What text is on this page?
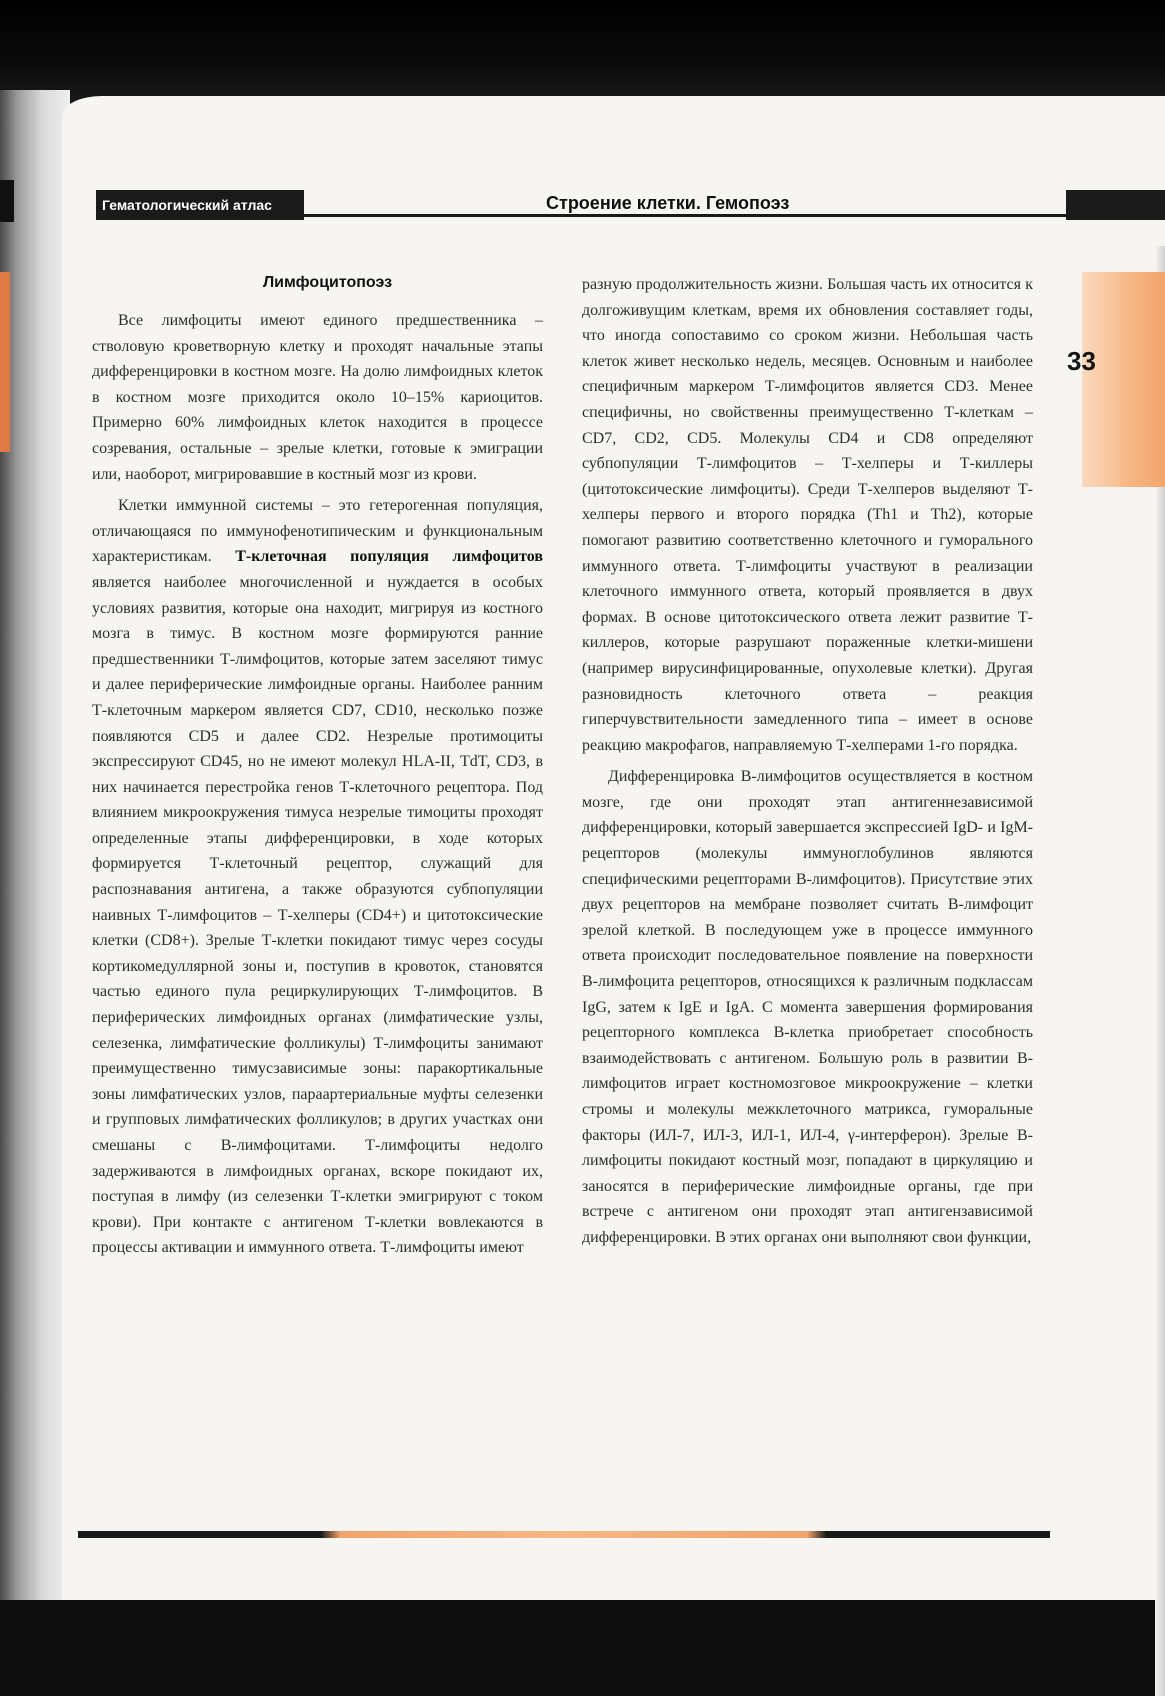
33
Гематологический атлас	Строение клетки. Гемопоэз
Лимфоцитопоэз

Все лимфоциты имеют единого предшественника – стволовую кроветворную клетку и проходят начальные этапы дифференцировки в костном мозге. На долю лимфоидных клеток в костном мозге приходится около 10–15% кариоцитов. Примерно 60% лимфоидных клеток находится в процессе созревания, остальные – зрелые клетки, готовые к эмиграции или, наоборот, мигрировавшие в костный мозг из крови.

Клетки иммунной системы – это гетерогенная популяция, отличающаяся по иммунофенотипическим и функциональным характеристикам. Т-клеточная популяция лимфоцитов является наиболее многочисленной и нуждается в особых условиях развития, которые она находит, мигрируя из костного мозга в тимус. В костном мозге формируются ранние предшественники Т-лимфоцитов, которые затем заселяют тимус и далее периферические лимфоидные органы. Наиболее ранним Т-клеточным маркером является CD7, CD10, несколько позже появляются CD5 и далее CD2. Незрелые протимоциты экспрессируют CD45, но не имеют молекул HLA-II, TdT, CD3, в них начинается перестройка генов Т-клеточного рецептора. Под влиянием микроокружения тимуса незрелые тимоциты проходят определенные этапы дифференцировки, в ходе которых формируется Т-клеточный рецептор, служащий для распознавания антигена, а также образуются субпопуляции наивных Т-лимфоцитов – Т-хелперы (CD4+) и цитотоксические клетки (CD8+). Зрелые Т-клетки покидают тимус через сосуды кортикомедуллярной зоны и, поступив в кровоток, становятся частью единого пула рециркулирующих Т-лимфоцитов. В периферических лимфоидных органах (лимфатические узлы, селезенка, лимфатические фолликулы) Т-лимфоциты занимают преимущественно тимусзависимые зоны: паракортикальные зоны лимфатических узлов, параартериальные муфты селезенки и групповых лимфатических фолликулов; в других участках они смешаны с В-лимфоцитами. Т-лимфоциты недолго задерживаются в лимфоидных органах, вскоре покидают их, поступая в лимфу (из селезенки Т-клетки эмигрируют с током крови). При контакте с антигеном Т-клетки вовлекаются в процессы активации и иммунного ответа. Т-лимфоциты имеют

разную продолжительность жизни. Большая часть их относится к долгоживущим клеткам, время их обновления составляет годы, что иногда сопоставимо со сроком жизни. Небольшая часть клеток живет несколько недель, месяцев. Основным и наиболее специфичным маркером Т-лимфоцитов является CD3. Менее специфичны, но свойственны преимущественно Т-клеткам – CD7, CD2, CD5. Молекулы CD4 и CD8 определяют субпопуляции Т-лимфоцитов – Т-хелперы и Т-киллеры (цитотоксические лимфоциты). Среди Т-хелперов выделяют Т-хелперы первого и второго порядка (Th1 и Th2), которые помогают развитию соответственно клеточного и гуморального иммунного ответа. Т-лимфоциты участвуют в реализации клеточного иммунного ответа, который проявляется в двух формах. В основе цитотоксического ответа лежит развитие Т-киллеров, которые разрушают пораженные клетки-мишени (например вирусинфицированные, опухолевые клетки). Другая разновидность клеточного ответа – реакция гиперчувствительности замедленного типа – имеет в основе реакцию макрофагов, направляемую Т-хелперами 1-го порядка.

Дифференцировка В-лимфоцитов осуществляется в костном мозге, где они проходят этап антигеннезависимой дифференцировки, который завершается экспрессией IgD- и IgM-рецепторов (молекулы иммуноглобулинов являются специфическими рецепторами В-лимфоцитов). Присутствие этих двух рецепторов на мембране позволяет считать В-лимфоцит зрелой клеткой. В последующем уже в процессе иммунного ответа происходит последовательное появление на поверхности В-лимфоцита рецепторов, относящихся к различным подклассам IgG, затем к IgE и IgA. С момента завершения формирования рецепторного комплекса В-клетка приобретает способность взаимодействовать с антигеном. Большую роль в развитии В-лимфоцитов играет костномозговое микроокружение – клетки стромы и молекулы межклеточного матрикса, гуморальные факторы (ИЛ-7, ИЛ-3, ИЛ-1, ИЛ-4, γ-интерферон). Зрелые В-лимфоциты покидают костный мозг, попадают в циркуляцию и заносятся в периферические лимфоидные органы, где при встрече с антигеном они проходят этап антигензависимой дифференцировки. В этих органах они выполняют свои функции,
